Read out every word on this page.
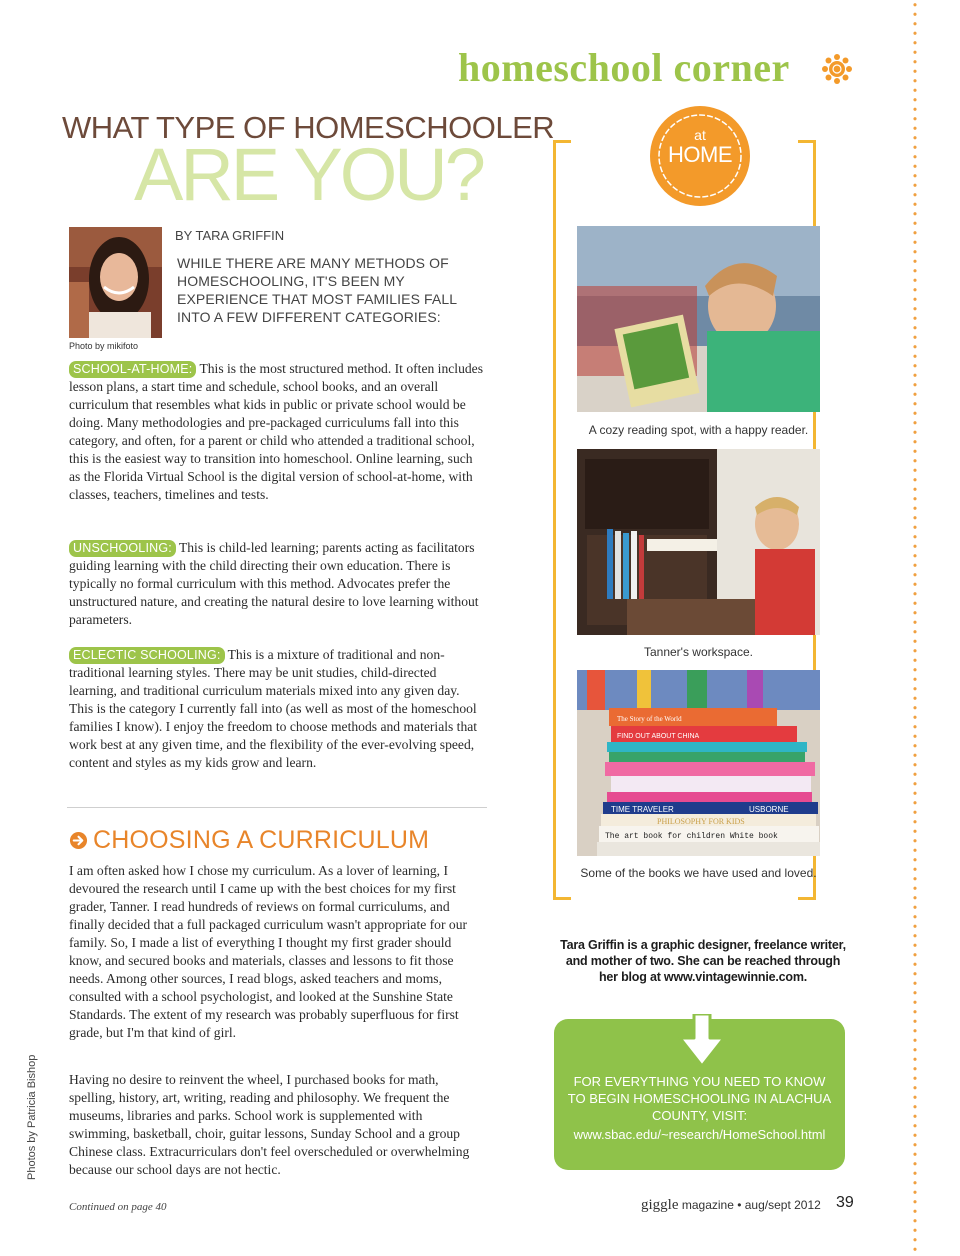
homeschool corner
WHAT TYPE OF HOMESCHOOLER
ARE YOU?
Photo by mikifoto
BY TARA GRIFFIN
WHILE THERE ARE MANY METHODS OF HOMESCHOOLING, IT'S BEEN MY EXPERIENCE THAT MOST FAMILIES FALL INTO A FEW DIFFERENT CATEGORIES:
SCHOOL-AT-HOME: This is the most structured method. It often includes lesson plans, a start time and schedule, school books, and an overall curriculum that resembles what kids in public or private school would be doing. Many methodologies and pre-packaged curriculums fall into this category, and often, for a parent or child who attended a traditional school, this is the easiest way to transition into homeschool. Online learning, such as the Florida Virtual School is the digital version of school-at-home, with classes, teachers, timelines and tests.
UNSCHOOLING: This is child-led learning; parents acting as facilitators guiding learning with the child directing their own education. There is typically no formal curriculum with this method. Advocates prefer the unstructured nature, and creating the natural desire to love learning without parameters.
ECLECTIC SCHOOLING: This is a mixture of traditional and non-traditional learning styles. There may be unit studies, child-directed learning, and traditional curriculum materials mixed into any given day. This is the category I currently fall into (as well as most of the homeschool families I know). I enjoy the freedom to choose methods and materials that work best at any given time, and the flexibility of the ever-evolving speed, content and styles as my kids grow and learn.
CHOOSING A CURRICULUM
I am often asked how I chose my curriculum. As a lover of learning, I devoured the research until I came up with the best choices for my first grader, Tanner. I read hundreds of reviews on formal curriculums, and finally decided that a full packaged curriculum wasn't appropriate for our family. So, I made a list of everything I thought my first grader should know, and secured books and materials, classes and lessons to fit those needs. Among other sources, I read blogs, asked teachers and moms, consulted with a school psychologist, and looked at the Sunshine State Standards. The extent of my research was probably superfluous for first grade, but I'm that kind of girl.
Having no desire to reinvent the wheel, I purchased books for math, spelling, history, art, writing, reading and philosophy. We frequent the museums, libraries and parks. School work is supplemented with swimming, basketball, choir, guitar lessons, Sunday School and a group Chinese class. Extracurriculars don't feel overscheduled or overwhelming because our school days are not hectic.
Continued on page 40
Photos by Patricia Bishop
at
HOME
A cozy reading spot, with a happy reader.
Tanner's workspace.
The Story of the World
FIND OUT ABOUT CHINA
TIME TRAVELER	USBORNE
PHILOSOPHY FOR KIDS
The art book for children White book
Some of the books we have used and loved.
Tara Griffin is a graphic designer, freelance writer, and mother of two. She can be reached through her blog at www.vintagewinnie.com.
FOR EVERYTHING YOU NEED TO KNOW TO BEGIN HOMESCHOOLING IN ALACHUA COUNTY, VISIT:
www.sbac.edu/~research/HomeSchool.html
giggle magazine • aug/sept 2012 39
